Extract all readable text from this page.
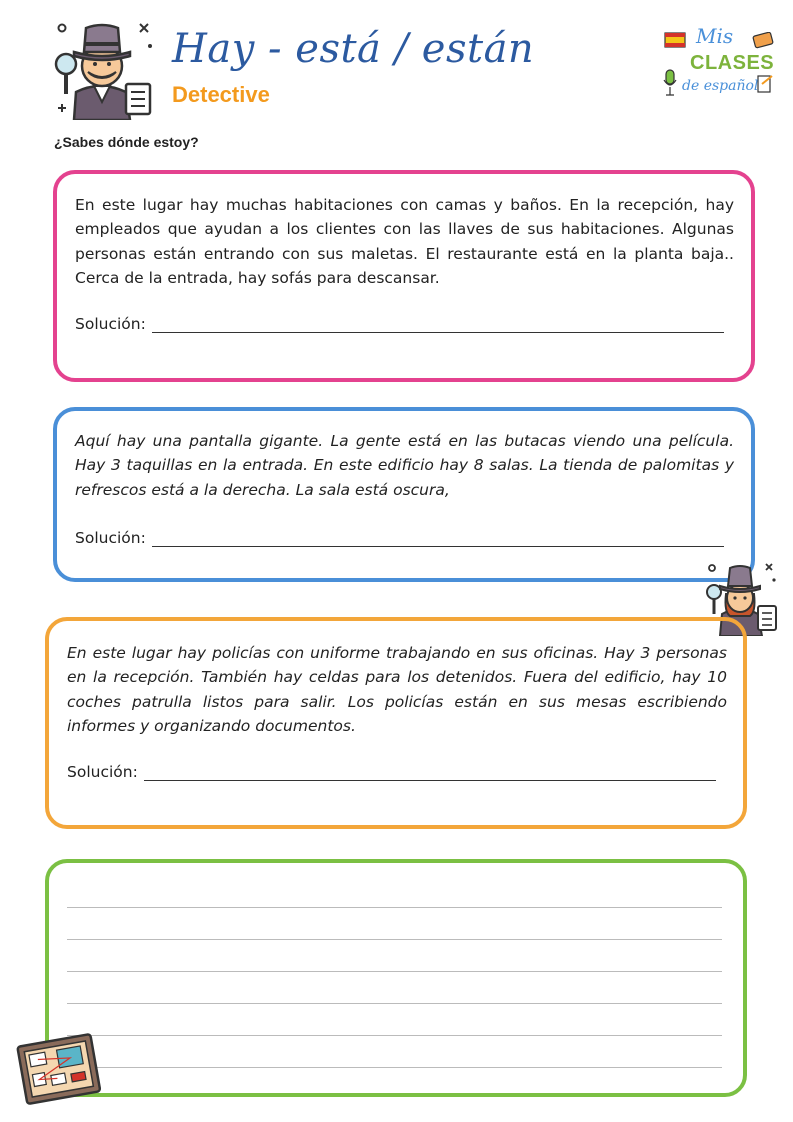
Hay - está / están
Detective
Mis
CLASES
de español
¿Sabes dónde estoy?
En este lugar hay muchas habitaciones con camas y baños. En la recepción, hay empleados que ayudan a los clientes con las llaves de sus habitaciones. Algunas personas están entrando con sus maletas. El restaurante está en la planta baja.. Cerca de la entrada, hay sofás para descansar.
Solución:
Aquí hay una pantalla gigante. La gente está en las butacas viendo una película. Hay 3 taquillas en la entrada. En este edificio hay 8 salas. La tienda de palomitas y refrescos está a la derecha. La sala está oscura,
Solución:
En este lugar hay policías con uniforme trabajando en sus oficinas. Hay 3 personas en la recepción. También hay celdas para los detenidos. Fuera del edificio, hay 10 coches patrulla listos para salir. Los policías están en sus mesas escribiendo informes y organizando documentos.
Solución:
